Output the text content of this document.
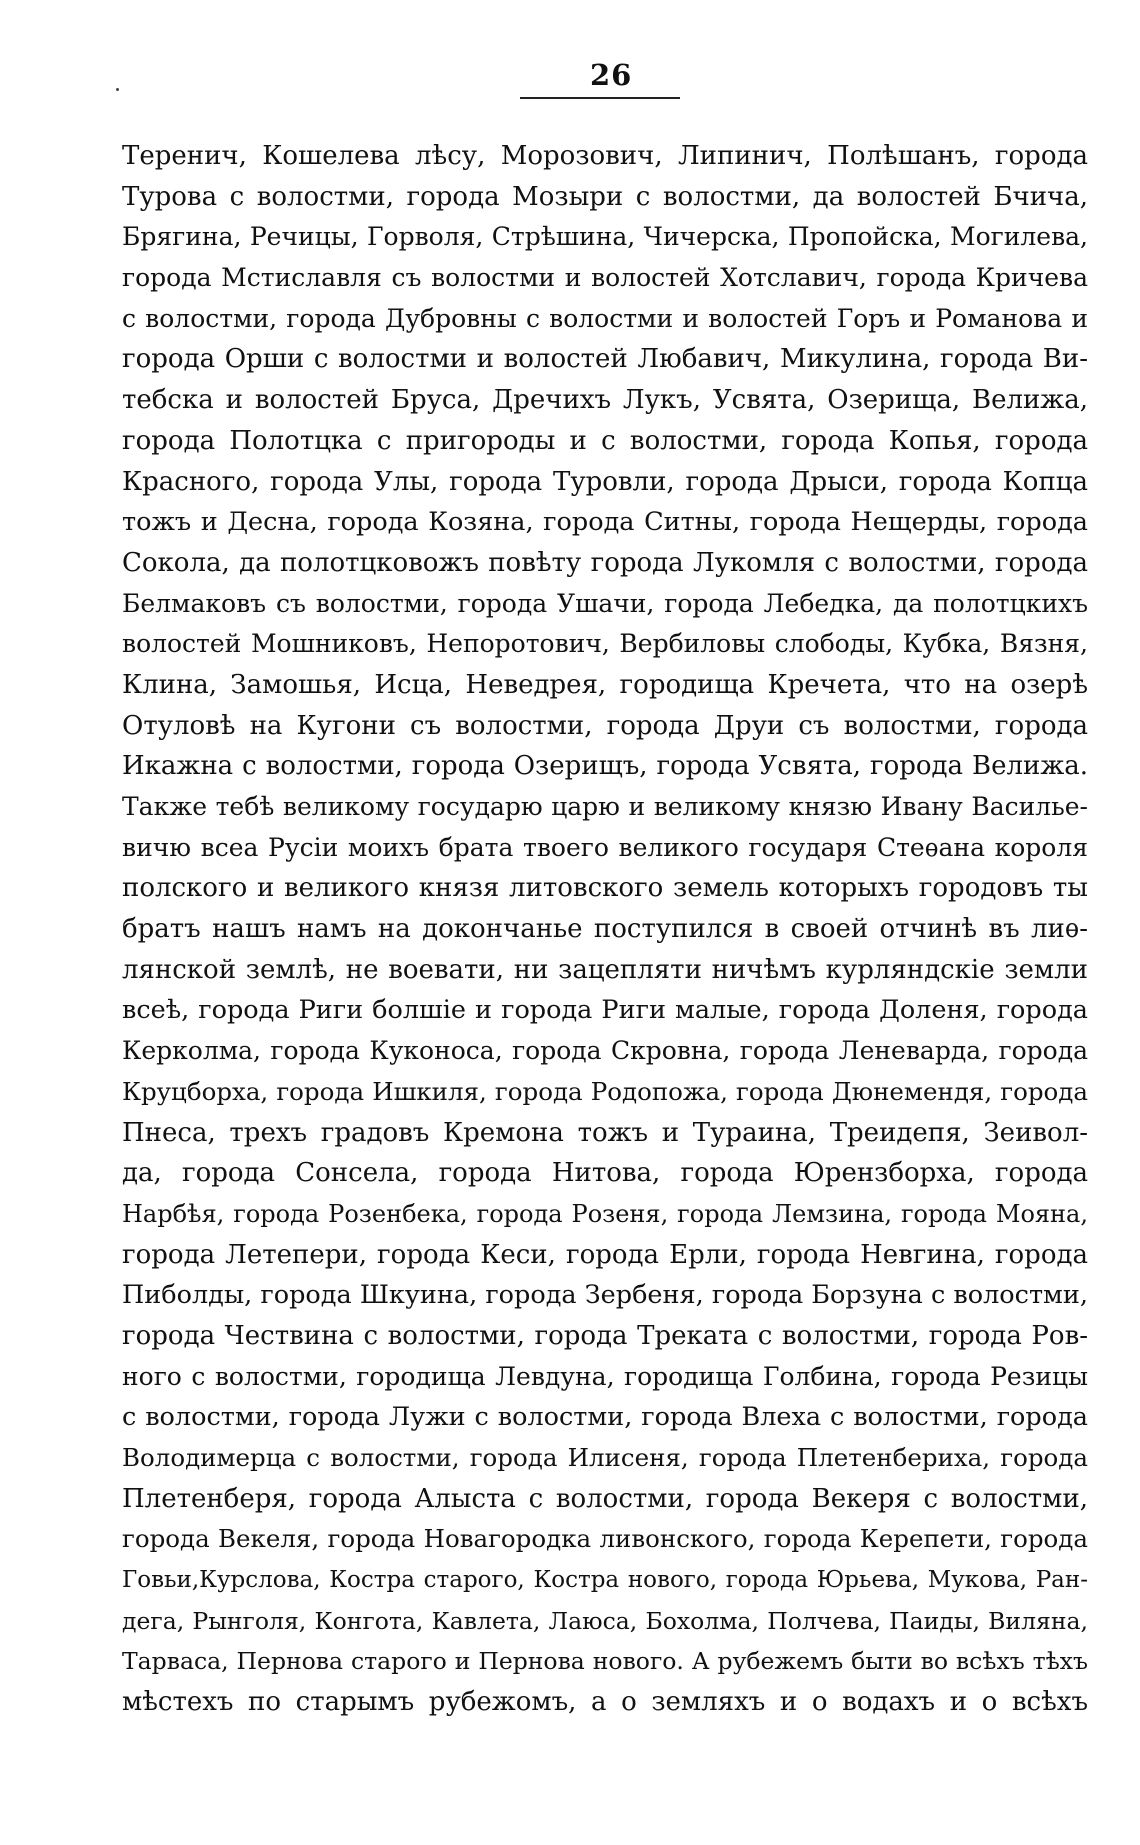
26
Теренич, Кошелева лѣсу, Морозович, Липинич, Полѣшанъ, города
Турова с волостми, города Мозыри с волостми, да волостей Бчича,
Брягина, Речицы, Горволя, Стрѣшина, Чичерска, Пропойска, Могилева,
города Мстиславля съ волостми и волостей Хотславич, города Кричева
с волостми, города Дубровны с волостми и волостей Горъ и Романова и
города Орши с волостми и волостей Любавич, Микулина, города Ви-
тебска и волостей Бруса, Дречихъ Лукъ, Усвята, Озерища, Велижа,
города Полотцка с пригороды и с волостми, города Копья, города
Красного, города Улы, города Туровли, города Дрыси, города Копца
тожъ и Десна, города Козяна, города Ситны, города Нещерды, города
Сокола, да полотцковожъ повѣту города Лукомля с волостми, города
Белмаковъ съ волостми, города Ушачи, города Лебедка, да полотцкихъ
волостей Мошниковъ, Непоротович, Вербиловы слободы, Кубка, Вязня,
Клина, Замошья, Исца, Неведрея, городища Кречета, что на озерѣ
Отуловѣ на Кугони съ волостми, города Друи съ волостми, города
Икажна с волостми, города Озерищъ, города Усвята, города Велижа.
Также тебѣ великому государю царю и великому князю Ивану Василье-
вичю всеа Русіи моихъ брата твоего великого государя Стеѳана короля
полского и великого князя литовского земель которыхъ городовъ ты
братъ нашъ намъ на докончанье поступился в своей отчинѣ въ лиѳ-
лянской землѣ, не воевати, ни зацепляти ничѣмъ курляндскіе земли
всеѣ, города Риги болшіе и города Риги малые, города Доленя, города
Керколма, города Куконоса, города Скровна, города Леневарда, города
Круцборха, города Ишкиля, города Родопожа, города Дюнемендя, города
Пнеса, трехъ градовъ Кремона тожъ и Тураина, Треидепя, Зеивол-
да, города Сонсела, города Нитова, города Юрензборха, города
Нарбѣя, города Розенбека, города Розеня, города Лемзина, города Мояна,
города Летепери, города Кеси, города Ерли, города Невгина, города
Пиболды, города Шкуина, города Зербеня, города Борзуна с волостми,
города Чествина с волостми, города Треката с волостми, города Ров-
ного с волостми, городища Левдуна, городища Голбина, города Резицы
с волостми, города Лужи с волостми, города Влеха с волостми, города
Володимерца с волостми, города Илисеня, города Плетенбериха, города
Плетенберя, города Алыста с волостми, города Векеря с волостми,
города Векеля, города Новагородка ливонского, города Керепети, города
Говьи,Курслова, Костра старого, Костра нового, города Юрьева, Мукова, Ран-
дега, Рынголя, Конгота, Кавлета, Лаюса, Бохолма, Полчева, Паиды, Виляна,
Тарваса, Пернова старого и Пернова нового. А рубежемъ быти во всѣхъ тѣхъ
мѣстехъ по старымъ рубежомъ, а о земляхъ и о водахъ и о всѣхъ
